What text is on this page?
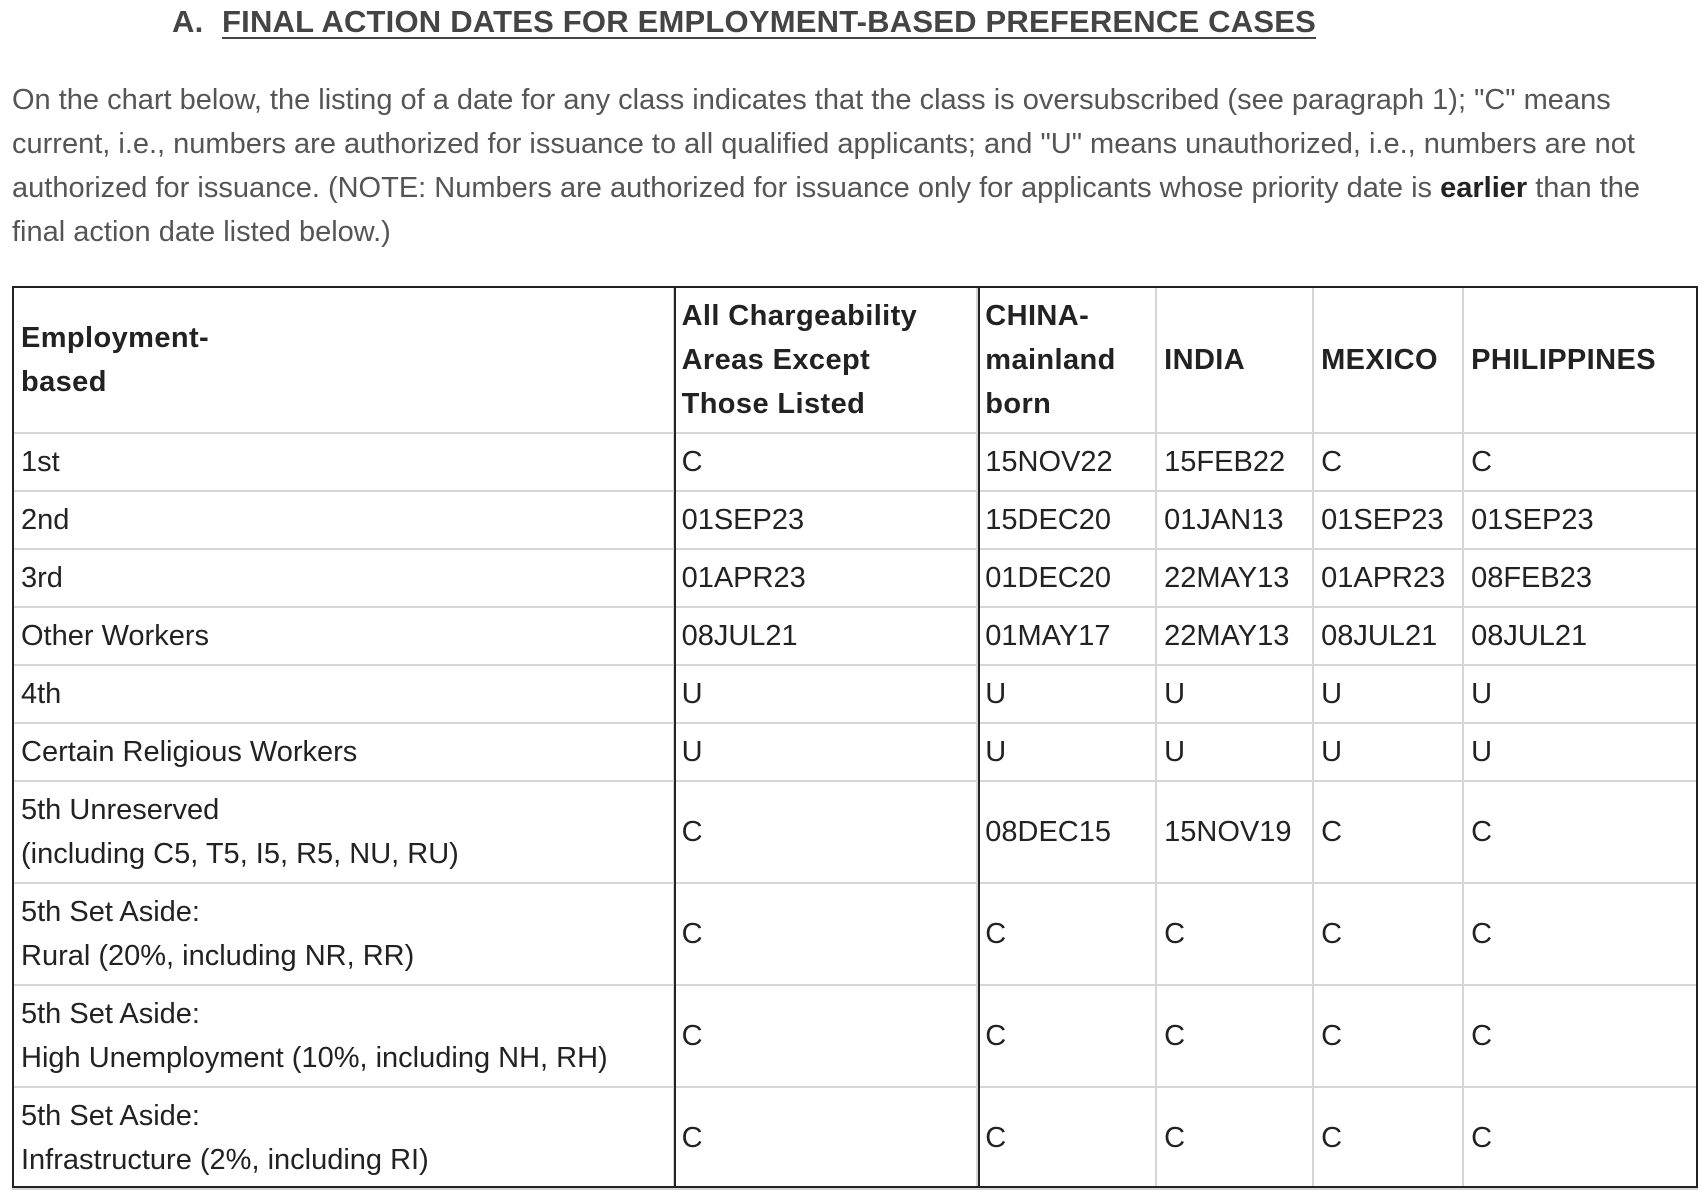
A. FINAL ACTION DATES FOR EMPLOYMENT-BASED PREFERENCE CASES

On the chart below, the listing of a date for any class indicates that the class is oversubscribed (see paragraph 1); "C" means current, i.e., numbers are authorized for issuance to all qualified applicants; and "U" means unauthorized, i.e., numbers are not authorized for issuance. (NOTE: Numbers are authorized for issuance only for applicants whose priority date is earlier than the final action date listed below.)

Employment-
based	All Chargeability
Areas Except
Those Listed	CHINA-
mainland
born	INDIA	MEXICO	PHILIPPINES
1st	C	15NOV22	15FEB22	C	C
2nd	01SEP23	15DEC20	01JAN13	01SEP23	01SEP23
3rd	01APR23	01DEC20	22MAY13	01APR23	08FEB23
Other Workers	08JUL21	01MAY17	22MAY13	08JUL21	08JUL21
4th	U	U	U	U	U
Certain Religious Workers	U	U	U	U	U
5th Unreserved
(including C5, T5, I5, R5, NU, RU)	C	08DEC15	15NOV19	C	C
5th Set Aside:
Rural (20%, including NR, RR)	C	C	C	C	C
5th Set Aside:
High Unemployment (10%, including NH, RH)	C	C	C	C	C
5th Set Aside:
Infrastructure (2%, including RI)	C	C	C	C	C
